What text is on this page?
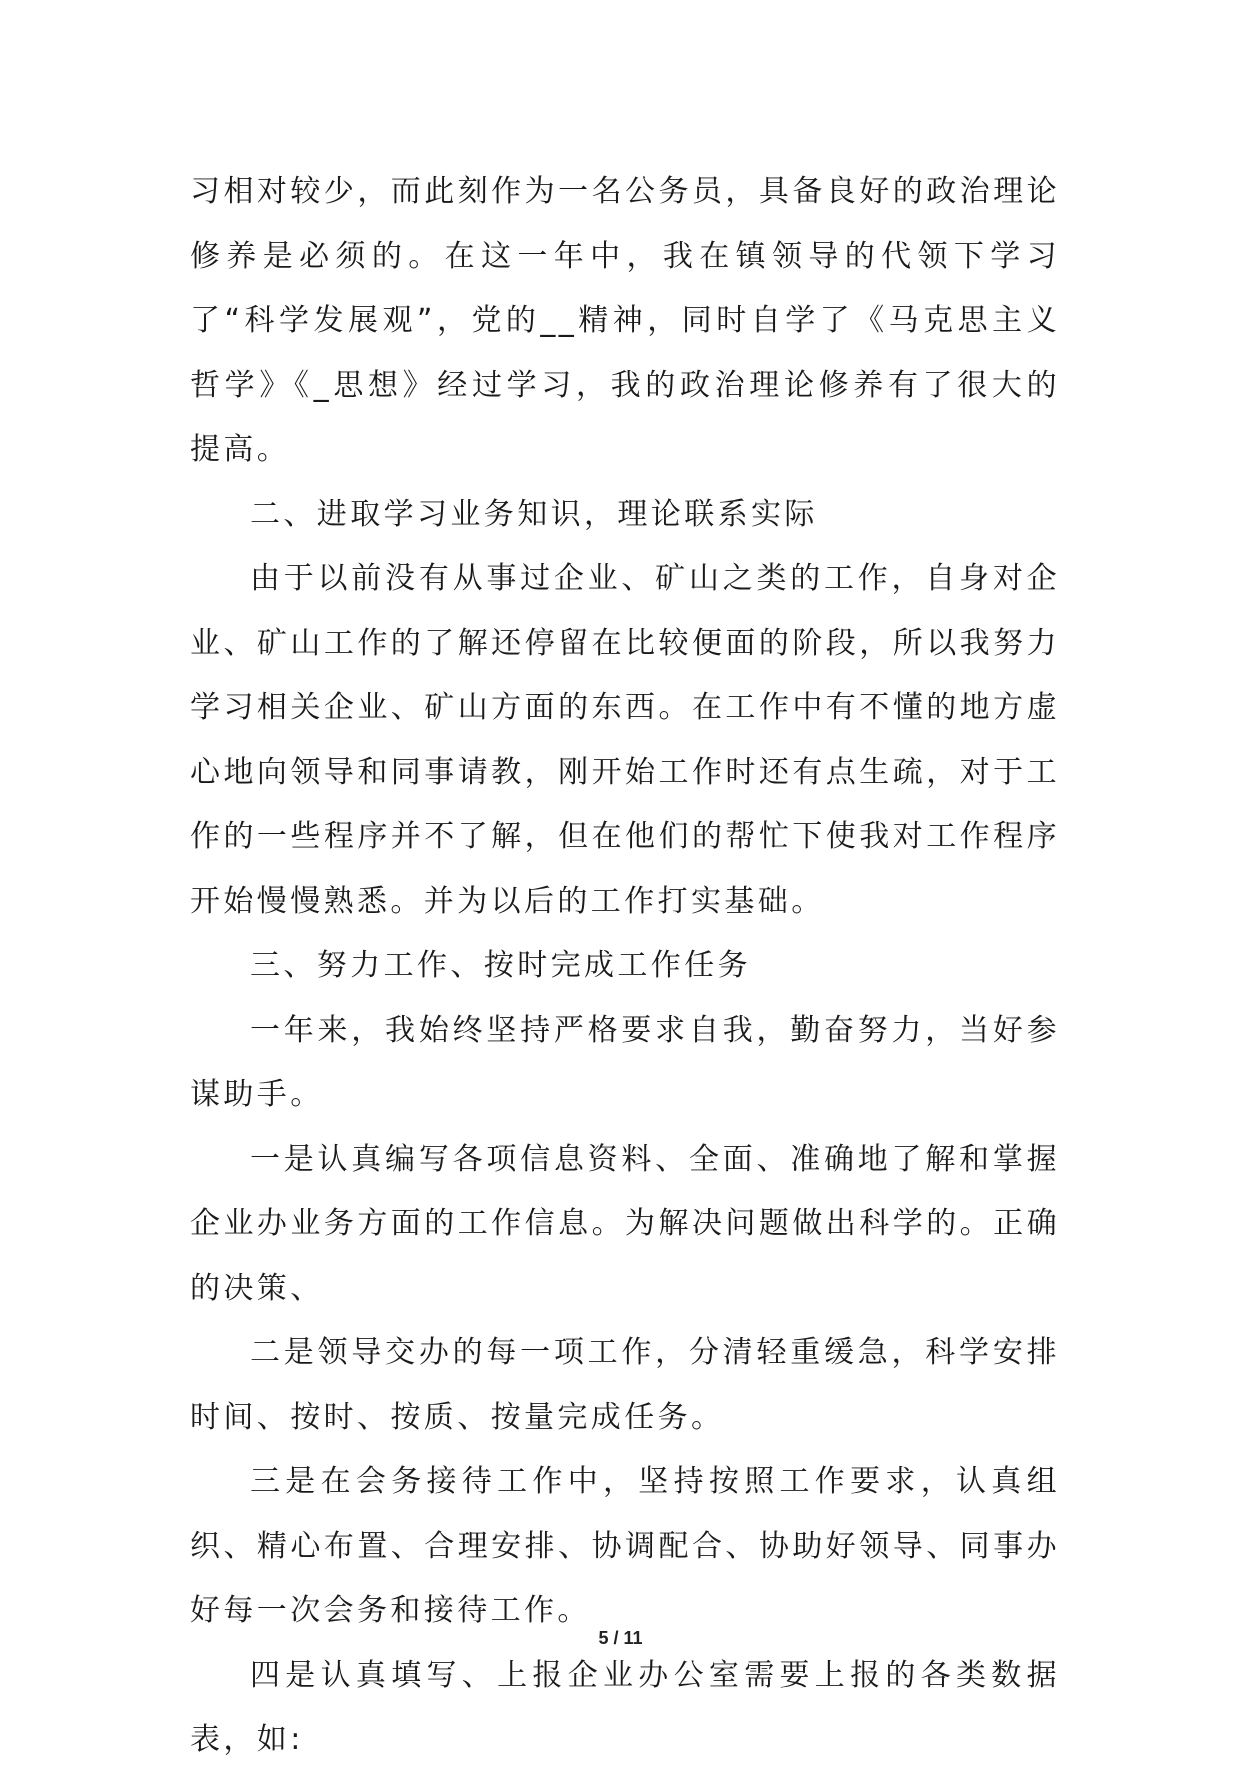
习相对较少，而此刻作为一名公务员，具备良好的政治理论修养是必须的。在这一年中，我在镇领导的代领下学习了“科学发展观”，党的__精神，同时自学了《马克思主义哲学》《_思想》经过学习，我的政治理论修养有了很大的提高。

二、进取学习业务知识，理论联系实际

由于以前没有从事过企业、矿山之类的工作，自身对企业、矿山工作的了解还停留在比较便面的阶段，所以我努力学习相关企业、矿山方面的东西。在工作中有不懂的地方虚心地向领导和同事请教，刚开始工作时还有点生疏，对于工作的一些程序并不了解，但在他们的帮忙下使我对工作程序开始慢慢熟悉。并为以后的工作打实基础。

三、努力工作、按时完成工作任务

一年来，我始终坚持严格要求自我，勤奋努力，当好参谋助手。

一是认真编写各项信息资料、全面、准确地了解和掌握企业办业务方面的工作信息。为解决问题做出科学的。正确的决策、

二是领导交办的每一项工作，分清轻重缓急，科学安排时间、按时、按质、按量完成任务。

三是在会务接待工作中，坚持按照工作要求，认真组织、精心布置、合理安排、协调配合、协助好领导、同事办好每一次会务和接待工作。

四是认真填写、上报企业办公室需要上报的各类数据表，如:

5 / 11
